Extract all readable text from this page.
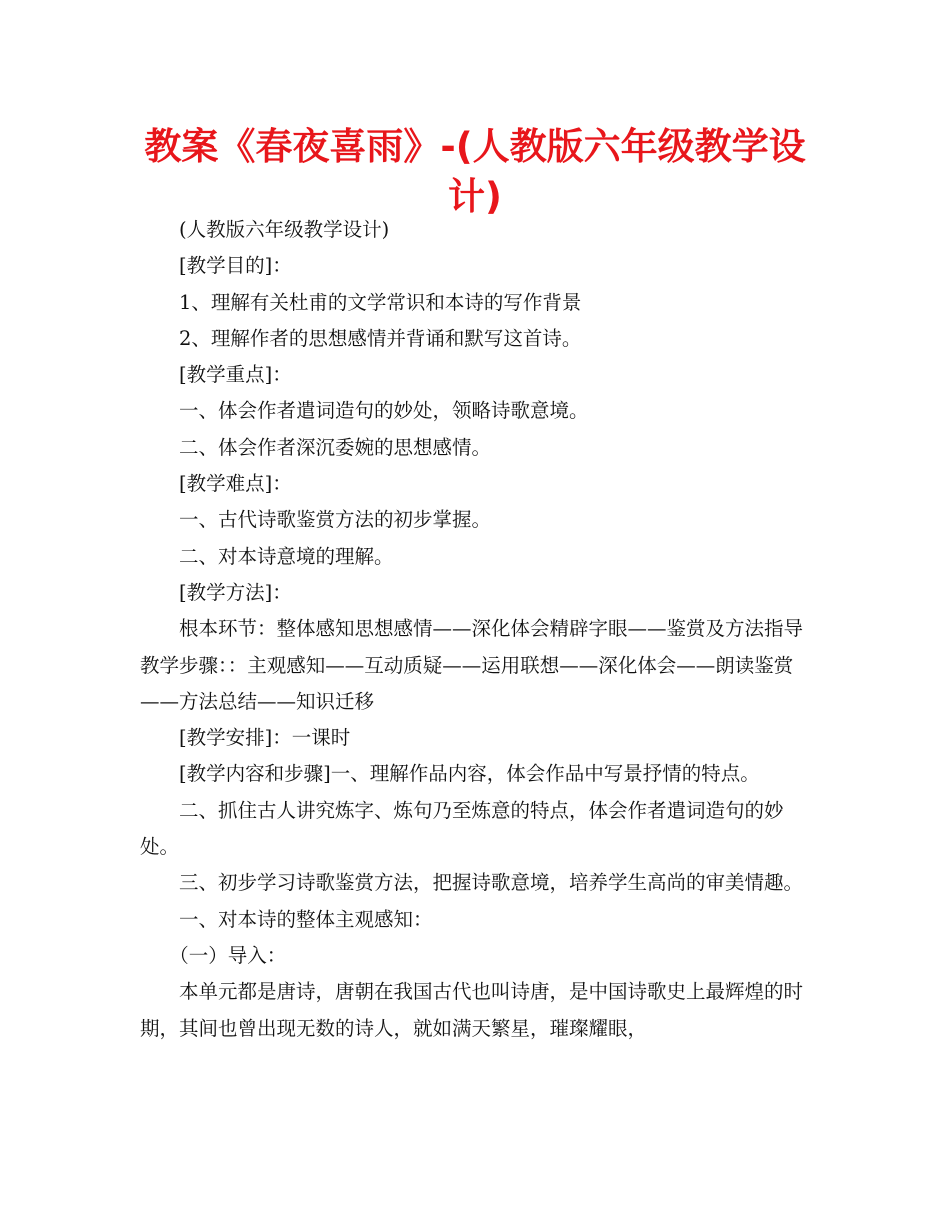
教案《春夜喜雨》-(人教版六年级教学设计)

(人教版六年级教学设计)

[教学目的]：

1、理解有关杜甫的文学常识和本诗的写作背景

2、理解作者的思想感情并背诵和默写这首诗。

[教学重点]：

一、体会作者遣词造句的妙处，领略诗歌意境。

二、体会作者深沉委婉的思想感情。

[教学难点]：

一、古代诗歌鉴赏方法的初步掌握。

二、对本诗意境的理解。

[教学方法]：

根本环节：整体感知思想感情——深化体会精辟字眼——鉴赏及方法指导教学步骤：：主观感知——互动质疑——运用联想——深化体会——朗读鉴赏——方法总结——知识迁移

[教学安排]：一课时

[教学内容和步骤]一、理解作品内容，体会作品中写景抒情的特点。

二、抓住古人讲究炼字、炼句乃至炼意的特点，体会作者遣词造句的妙处。

三、初步学习诗歌鉴赏方法，把握诗歌意境，培养学生高尚的审美情趣。

一、对本诗的整体主观感知：

（一）导入：

本单元都是唐诗，唐朝在我国古代也叫诗唐，是中国诗歌史上最辉煌的时期，其间也曾出现无数的诗人，就如满天繁星，璀璨耀眼，
